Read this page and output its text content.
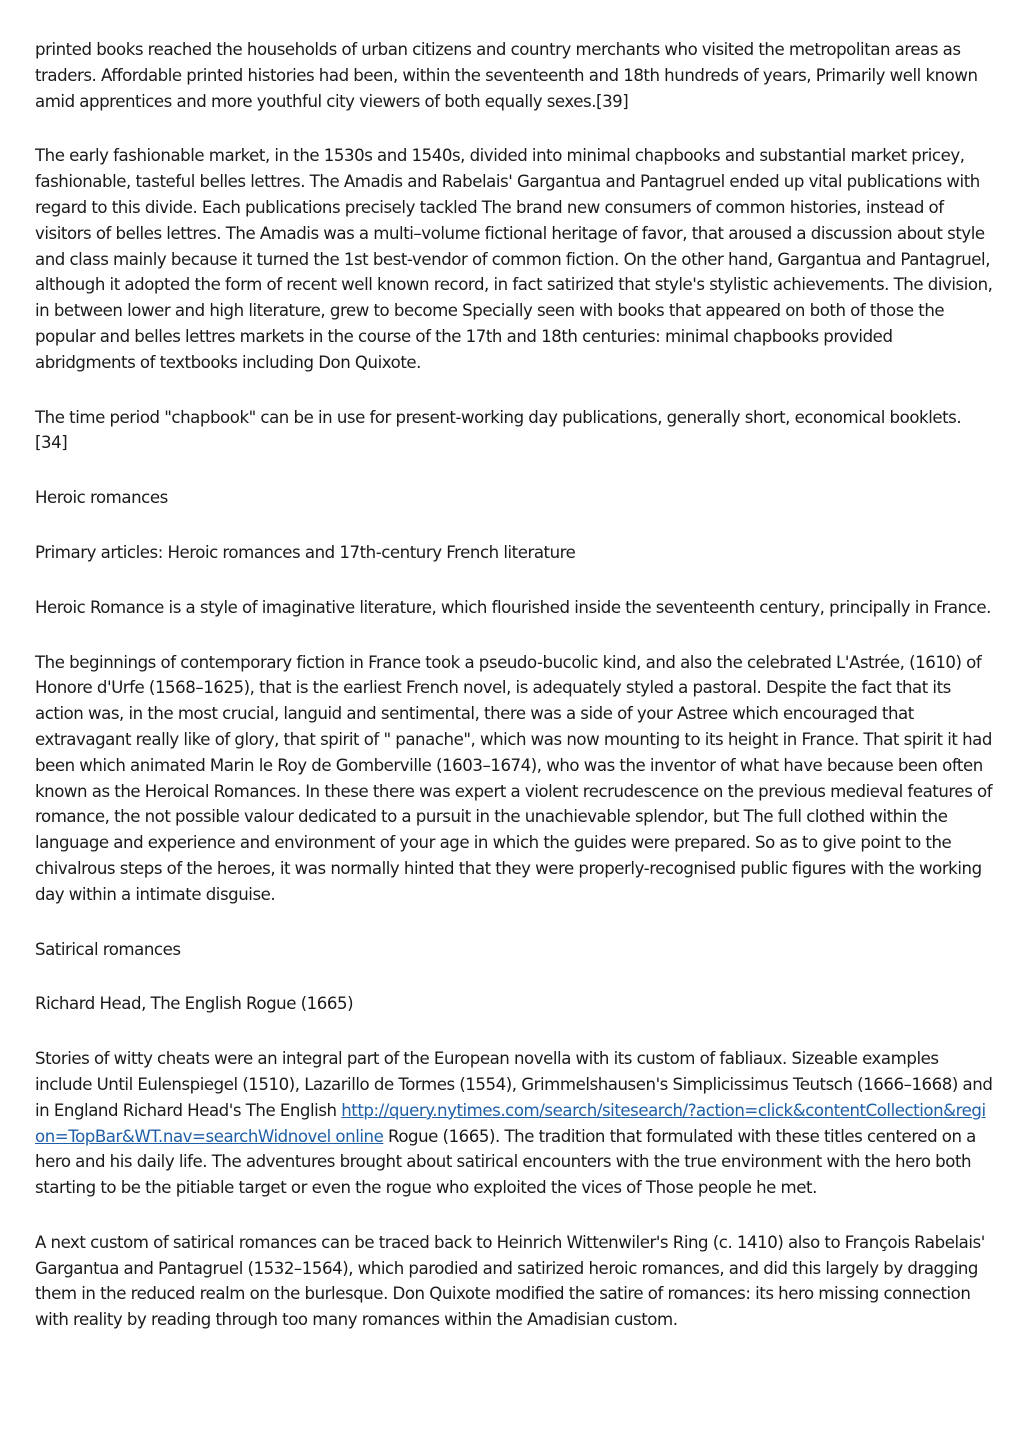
printed books reached the households of urban citizens and country merchants who visited the metropolitan areas as traders. Affordable printed histories had been, within the seventeenth and 18th hundreds of years, Primarily well known amid apprentices and more youthful city viewers of both equally sexes.[39]

The early fashionable market, in the 1530s and 1540s, divided into minimal chapbooks and substantial market pricey, fashionable, tasteful belles lettres. The Amadis and Rabelais' Gargantua and Pantagruel ended up vital publications with regard to this divide. Each publications precisely tackled The brand new consumers of common histories, instead of visitors of belles lettres. The Amadis was a multi–volume fictional heritage of favor, that aroused a discussion about style and class mainly because it turned the 1st best-vendor of common fiction. On the other hand, Gargantua and Pantagruel, although it adopted the form of recent well known record, in fact satirized that style's stylistic achievements. The division, in between lower and high literature, grew to become Specially seen with books that appeared on both of those the popular and belles lettres markets in the course of the 17th and 18th centuries: minimal chapbooks provided abridgments of textbooks including Don Quixote.

The time period "chapbook" can be in use for present-working day publications, generally short, economical booklets.[34]

Heroic romances

Primary articles: Heroic romances and 17th-century French literature

Heroic Romance is a style of imaginative literature, which flourished inside the seventeenth century, principally in France.

The beginnings of contemporary fiction in France took a pseudo-bucolic kind, and also the celebrated L'Astrée, (1610) of Honore d'Urfe (1568–1625), that is the earliest French novel, is adequately styled a pastoral. Despite the fact that its action was, in the most crucial, languid and sentimental, there was a side of your Astree which encouraged that extravagant really like of glory, that spirit of " panache", which was now mounting to its height in France. That spirit it had been which animated Marin le Roy de Gomberville (1603–1674), who was the inventor of what have because been often known as the Heroical Romances. In these there was expert a violent recrudescence on the previous medieval features of romance, the not possible valour dedicated to a pursuit in the unachievable splendor, but The full clothed within the language and experience and environment of your age in which the guides were prepared. So as to give point to the chivalrous steps of the heroes, it was normally hinted that they were properly-recognised public figures with the working day within a intimate disguise.

Satirical romances

Richard Head, The English Rogue (1665)

Stories of witty cheats were an integral part of the European novella with its custom of fabliaux. Sizeable examples include Until Eulenspiegel (1510), Lazarillo de Tormes (1554), Grimmelshausen's Simplicissimus Teutsch (1666–1668) and in England Richard Head's The English http://query.nytimes.com/search/sitesearch/?action=click&contentCollection&region=TopBar&WT.nav=searchWidnovel online Rogue (1665). The tradition that formulated with these titles centered on a hero and his daily life. The adventures brought about satirical encounters with the true environment with the hero both starting to be the pitiable target or even the rogue who exploited the vices of Those people he met.

A next custom of satirical romances can be traced back to Heinrich Wittenwiler's Ring (c. 1410) also to François Rabelais' Gargantua and Pantagruel (1532–1564), which parodied and satirized heroic romances, and did this largely by dragging them in the reduced realm on the burlesque. Don Quixote modified the satire of romances: its hero missing connection with reality by reading through too many romances within the Amadisian custom.
